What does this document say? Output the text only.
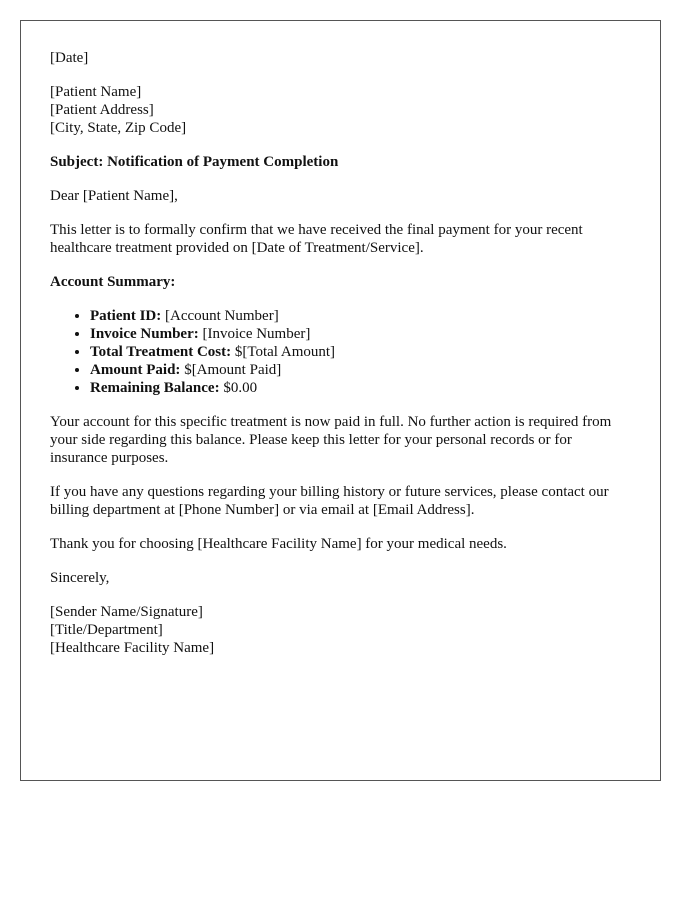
[Date]

[Patient Name]
[Patient Address]
[City, State, Zip Code]

Subject: Notification of Payment Completion

Dear [Patient Name],

This letter is to formally confirm that we have received the final payment for your recent healthcare treatment provided on [Date of Treatment/Service].

Account Summary:

• Patient ID: [Account Number]
• Invoice Number: [Invoice Number]
• Total Treatment Cost: $[Total Amount]
• Amount Paid: $[Amount Paid]
• Remaining Balance: $0.00

Your account for this specific treatment is now paid in full. No further action is required from your side regarding this balance. Please keep this letter for your personal records or for insurance purposes.

If you have any questions regarding your billing history or future services, please contact our billing department at [Phone Number] or via email at [Email Address].

Thank you for choosing [Healthcare Facility Name] for your medical needs.

Sincerely,

[Sender Name/Signature]
[Title/Department]
[Healthcare Facility Name]
